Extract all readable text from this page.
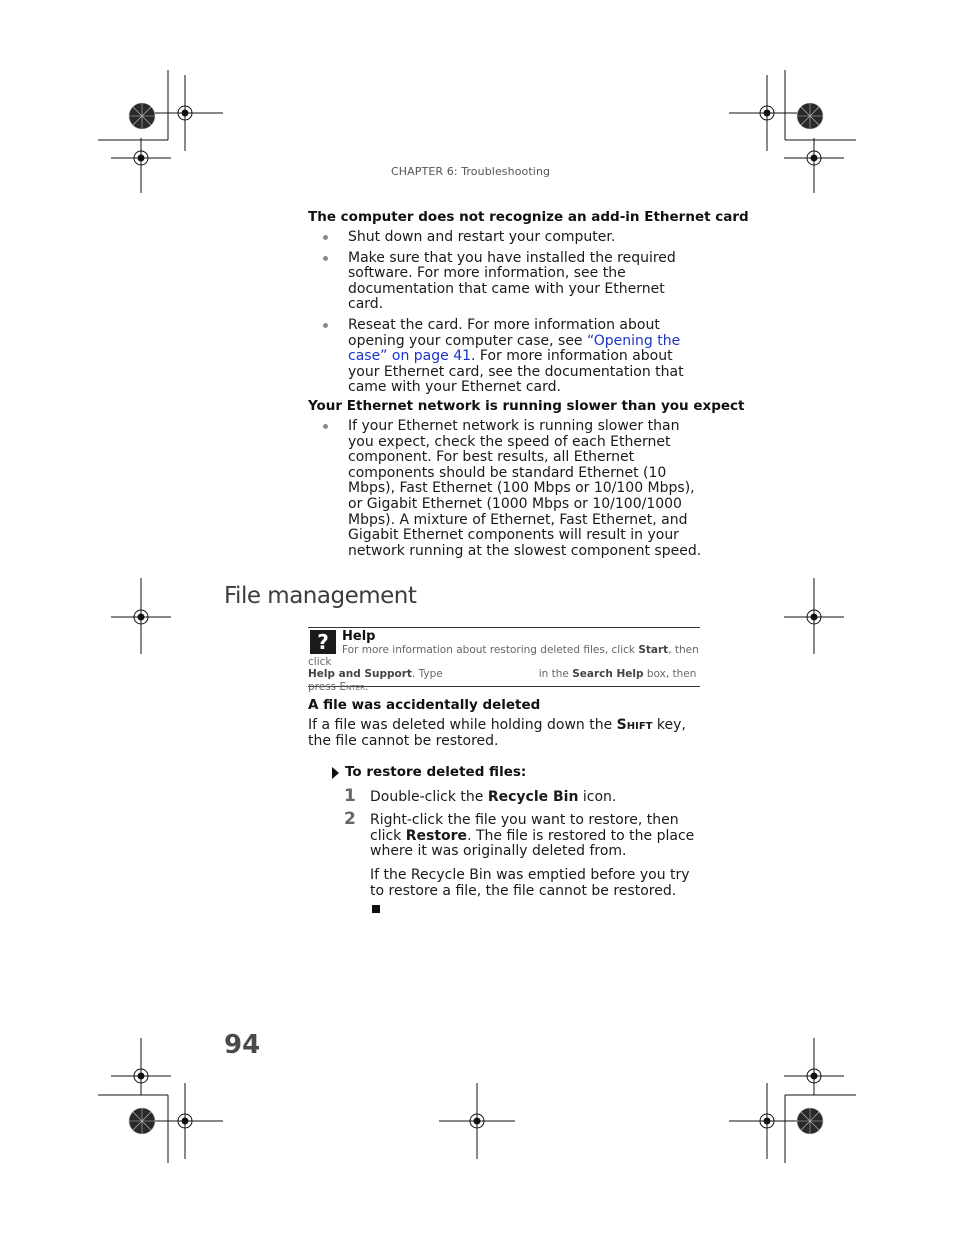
CHAPTER 6: Troubleshooting
The computer does not recognize an add-in Ethernet card
Shut down and restart your computer.
Make sure that you have installed the required software. For more information, see the documentation that came with your Ethernet card.
Reseat the card. For more information about opening your computer case, see “Opening the case” on page 41. For more information about your Ethernet card, see the documentation that came with your Ethernet card.
Your Ethernet network is running slower than you expect
If your Ethernet network is running slower than you expect, check the speed of each Ethernet component. For best results, all Ethernet components should be standard Ethernet (10 Mbps), Fast Ethernet (100 Mbps or 10/100 Mbps), or Gigabit Ethernet (1000 Mbps or 10/100/1000 Mbps). A mixture of Ethernet, Fast Ethernet, and Gigabit Ethernet components will result in your network running at the slowest component speed.
File management
?	Help
For more information about restoring deleted files, click Start, then click
Help and Support. Type	in the Search Help box, then press Enter.
A file was accidentally deleted
If a file was deleted while holding down the Shift key, the file cannot be restored.
To restore deleted files:
1 Double-click the Recycle Bin icon.
2 Right-click the file you want to restore, then click Restore. The file is restored to the place where it was originally deleted from.
If the Recycle Bin was emptied before you try to restore a file, the file cannot be restored.
94
